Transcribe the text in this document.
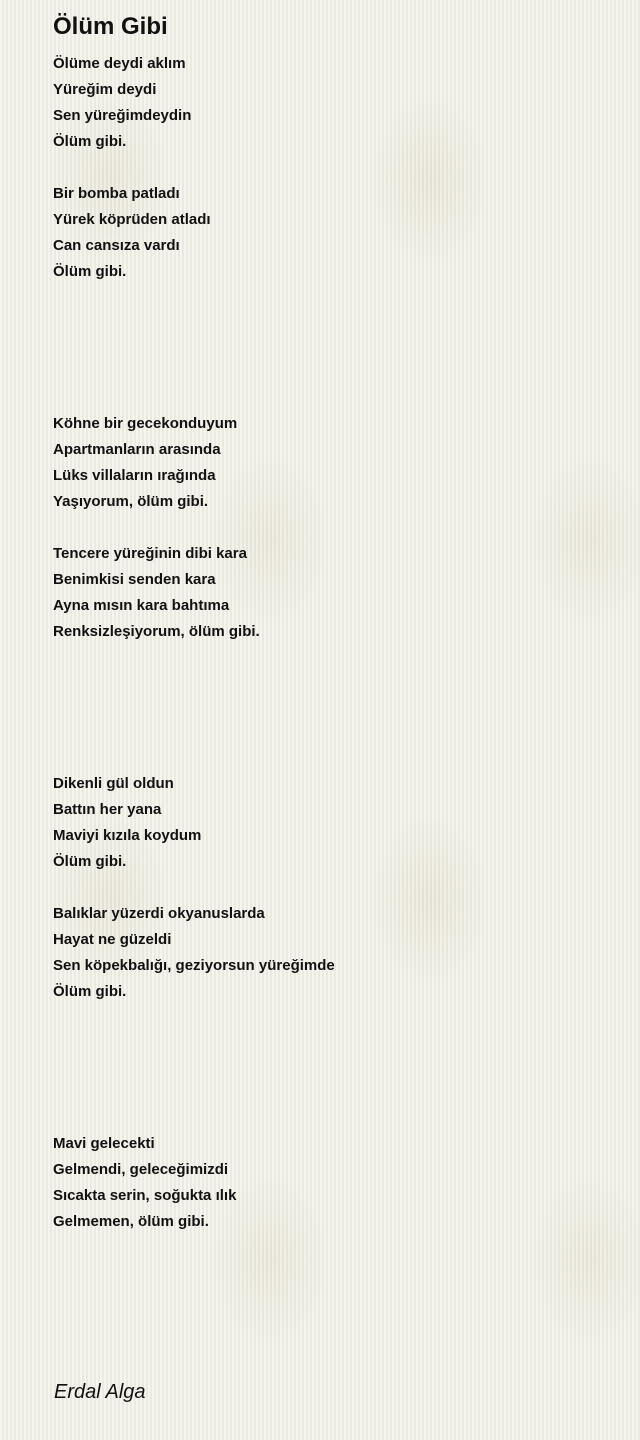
Ölüm Gibi
Ölüme deydi aklım
Yüreğim deydi
Sen yüreğimdeydin
Ölüm gibi.
Bir bomba patladı
Yürek köprüden atladı
Can cansıza vardı
Ölüm gibi.
Köhne bir gecekonduyum
Apartmanların arasında
Lüks villaların ırağında
Yaşıyorum, ölüm gibi.
Tencere yüreğinin dibi kara
Benimkisi senden kara
Ayna mısın kara bahtıma
Renksizleşiyorum, ölüm gibi.
Dikenli gül oldun
Battın her yana
Maviyi kızıla koydum
Ölüm gibi.
Balıklar yüzerdi okyanuslarda
Hayat ne güzeldi
Sen köpekbalığı, geziyorsun yüreğimde
Ölüm gibi.
Mavi gelecekti
Gelmendi, geleceğimizdi
Sıcakta serin, soğukta ılık
Gelmemen, ölüm gibi.
Erdal Alga
